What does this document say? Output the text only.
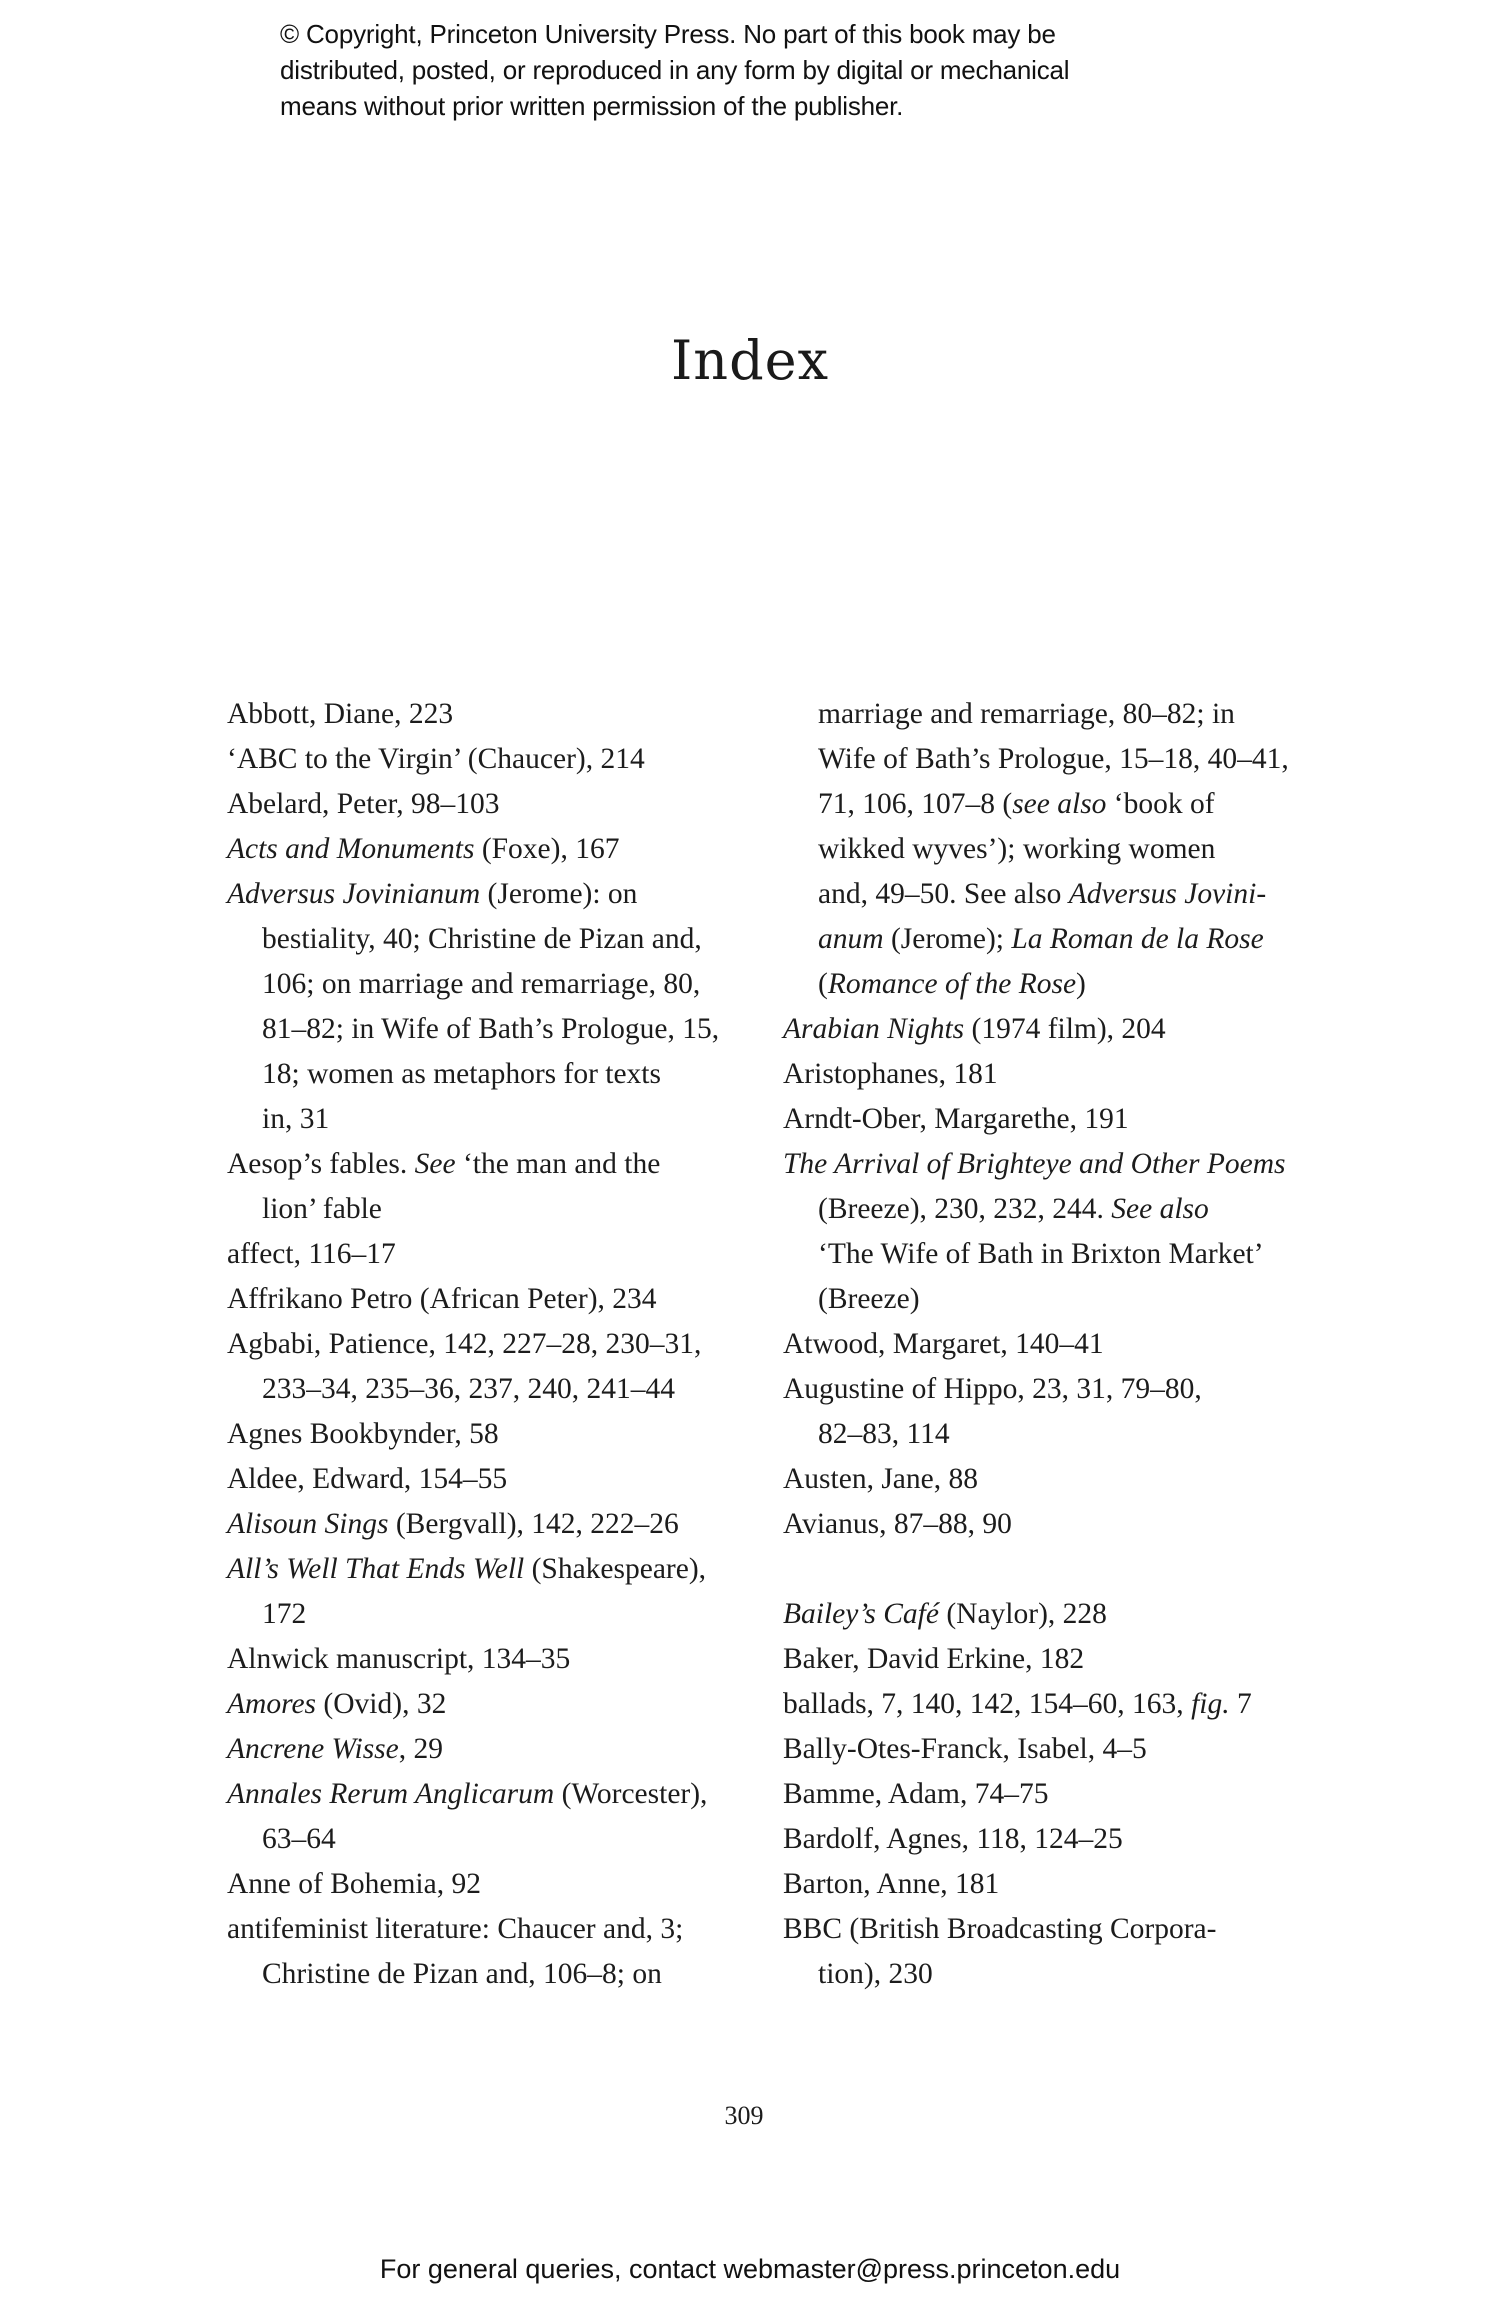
© Copyright, Princeton University Press. No part of this book may be
distributed, posted, or reproduced in any form by digital or mechanical
means without prior written permission of the publisher.
Index
Abbott, Diane, 223
‘ABC to the Virgin’ (Chaucer), 214
Abelard, Peter, 98–103
Acts and Monuments (Foxe), 167
Adversus Jovinianum (Jerome): on
bestiality, 40; Christine de Pizan and,
106; on marriage and remarriage, 80,
81–82; in Wife of Bath’s Prologue, 15,
18; women as metaphors for texts
in, 31
Aesop’s fables. See ‘the man and the
lion’ fable
affect, 116–17
Affrikano Petro (African Peter), 234
Agbabi, Patience, 142, 227–28, 230–31,
233–34, 235–36, 237, 240, 241–44
Agnes Bookbynder, 58
Aldee, Edward, 154–55
Alisoun Sings (Bergvall), 142, 222–26
All’s Well That Ends Well (Shakespeare),
172
Alnwick manuscript, 134–35
Amores (Ovid), 32
Ancrene Wisse, 29
Annales Rerum Anglicarum (Worcester),
63–64
Anne of Bohemia, 92
antifeminist literature: Chaucer and, 3;
Christine de Pizan and, 106–8; on
marriage and remarriage, 80–82; in
Wife of Bath’s Prologue, 15–18, 40–41,
71, 106, 107–8 (see also ‘book of
wikked wyves’); working women
and, 49–50. See also Adversus Jovini-
anum (Jerome); La Roman de la Rose
(Romance of the Rose)
Arabian Nights (1974 film), 204
Aristophanes, 181
Arndt-Ober, Margarethe, 191
The Arrival of Brighteye and Other Poems
(Breeze), 230, 232, 244. See also
‘The Wife of Bath in Brixton Market’
(Breeze)
Atwood, Margaret, 140–41
Augustine of Hippo, 23, 31, 79–80,
82–83, 114
Austen, Jane, 88
Avianus, 87–88, 90

Bailey’s Café (Naylor), 228
Baker, David Erkine, 182
ballads, 7, 140, 142, 154–60, 163, fig. 7
Bally-Otes-Franck, Isabel, 4–5
Bamme, Adam, 74–75
Bardolf, Agnes, 118, 124–25
Barton, Anne, 181
BBC (British Broadcasting Corpora-
tion), 230
309
For general queries, contact webmaster@press.princeton.edu
